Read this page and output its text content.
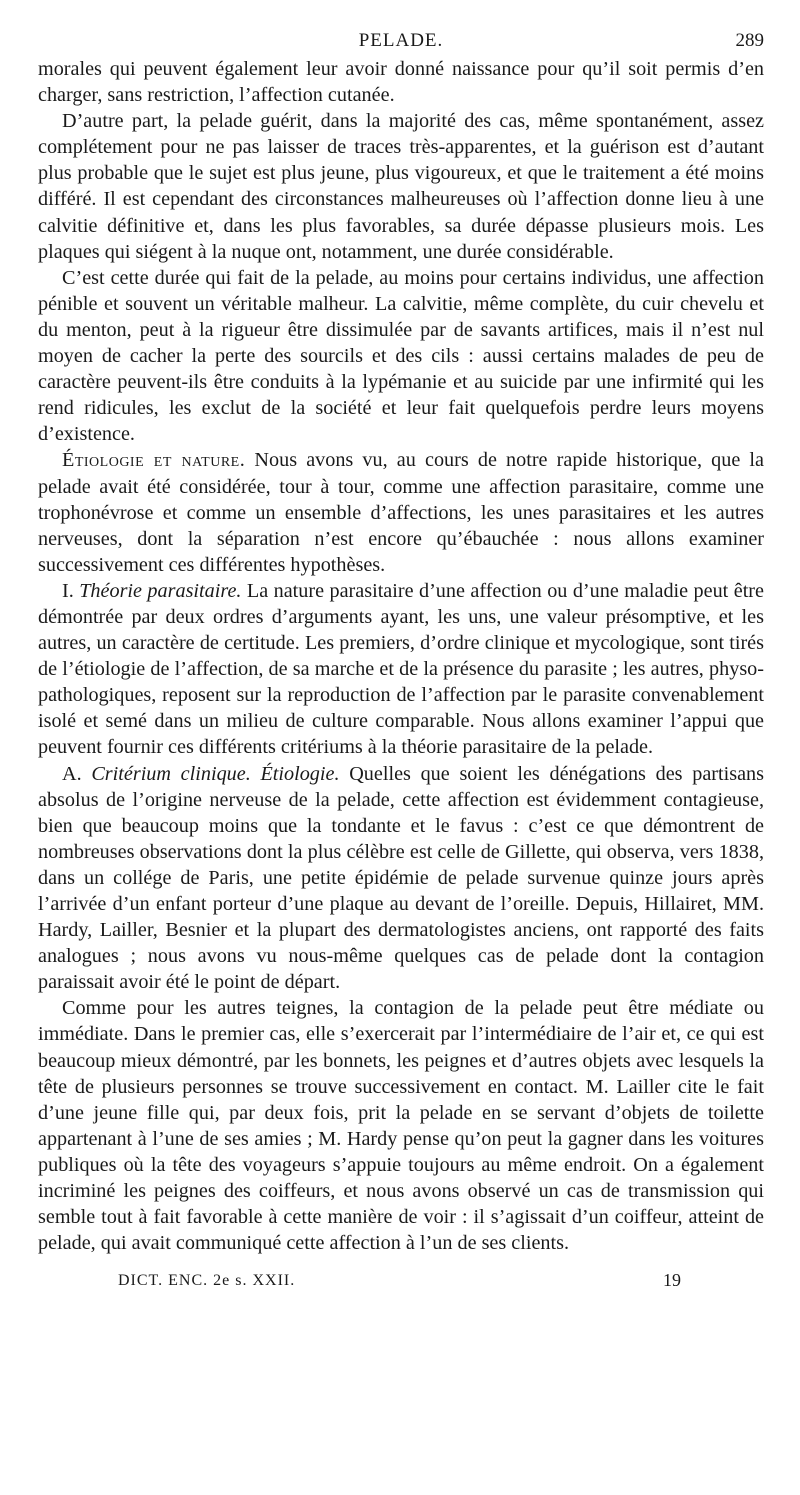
PELADE.	289

morales qui peuvent également leur avoir donné naissance pour qu’il soit permis d’en charger, sans restriction, l’affection cutanée.

D’autre part, la pelade guérit, dans la majorité des cas, même spontanément, assez complétement pour ne pas laisser de traces très-apparentes, et la guérison est d’autant plus probable que le sujet est plus jeune, plus vigoureux, et que le traitement a été moins différé. Il est cependant des circonstances malheureuses où l’affection donne lieu à une calvitie définitive et, dans les plus favorables, sa durée dépasse plusieurs mois. Les plaques qui siégent à la nuque ont, notamment, une durée considérable.

C’est cette durée qui fait de la pelade, au moins pour certains individus, une affection pénible et souvent un véritable malheur. La calvitie, même complète, du cuir chevelu et du menton, peut à la rigueur être dissimulée par de savants artifices, mais il n’est nul moyen de cacher la perte des sourcils et des cils : aussi certains malades de peu de caractère peuvent-ils être conduits à la lypémanie et au suicide par une infirmité qui les rend ridicules, les exclut de la société et leur fait quelquefois perdre leurs moyens d’existence.

Étiologie et nature. Nous avons vu, au cours de notre rapide historique, que la pelade avait été considérée, tour à tour, comme une affection parasitaire, comme une trophonévrose et comme un ensemble d’affections, les unes parasitaires et les autres nerveuses, dont la séparation n’est encore qu’ébauchée : nous allons examiner successivement ces différentes hypothèses.

I. Théorie parasitaire. La nature parasitaire d’une affection ou d’une maladie peut être démontrée par deux ordres d’arguments ayant, les uns, une valeur présomptive, et les autres, un caractère de certitude. Les premiers, d’ordre clinique et mycologique, sont tirés de l’étiologie de l’affection, de sa marche et de la présence du parasite ; les autres, physo-pathologiques, reposent sur la reproduction de l’affection par le parasite convenablement isolé et semé dans un milieu de culture comparable. Nous allons examiner l’appui que peuvent fournir ces différents critériums à la théorie parasitaire de la pelade.

A. Critérium clinique. Étiologie. Quelles que soient les dénégations des partisans absolus de l’origine nerveuse de la pelade, cette affection est évidemment contagieuse, bien que beaucoup moins que la tondante et le favus : c’est ce que démontrent de nombreuses observations dont la plus célèbre est celle de Gillette, qui observa, vers 1838, dans un collége de Paris, une petite épidémie de pelade survenue quinze jours après l’arrivée d’un enfant porteur d’une plaque au devant de l’oreille. Depuis, Hillairet, MM. Hardy, Lailler, Besnier et la plupart des dermatologistes anciens, ont rapporté des faits analogues ; nous avons vu nous-même quelques cas de pelade dont la contagion paraissait avoir été le point de départ.

Comme pour les autres teignes, la contagion de la pelade peut être médiate ou immédiate. Dans le premier cas, elle s’exercerait par l’intermédiaire de l’air et, ce qui est beaucoup mieux démontré, par les bonnets, les peignes et d’autres objets avec lesquels la tête de plusieurs personnes se trouve successivement en contact. M. Lailler cite le fait d’une jeune fille qui, par deux fois, prit la pelade en se servant d’objets de toilette appartenant à l’une de ses amies ; M. Hardy pense qu’on peut la gagner dans les voitures publiques où la tête des voyageurs s’appuie toujours au même endroit. On a également incriminé les peignes des coiffeurs, et nous avons observé un cas de transmission qui semble tout à fait favorable à cette manière de voir : il s’agissait d’un coiffeur, atteint de pelade, qui avait communiqué cette affection à l’un de ses clients.

DICT. ENC. 2e s. XXII.	19
